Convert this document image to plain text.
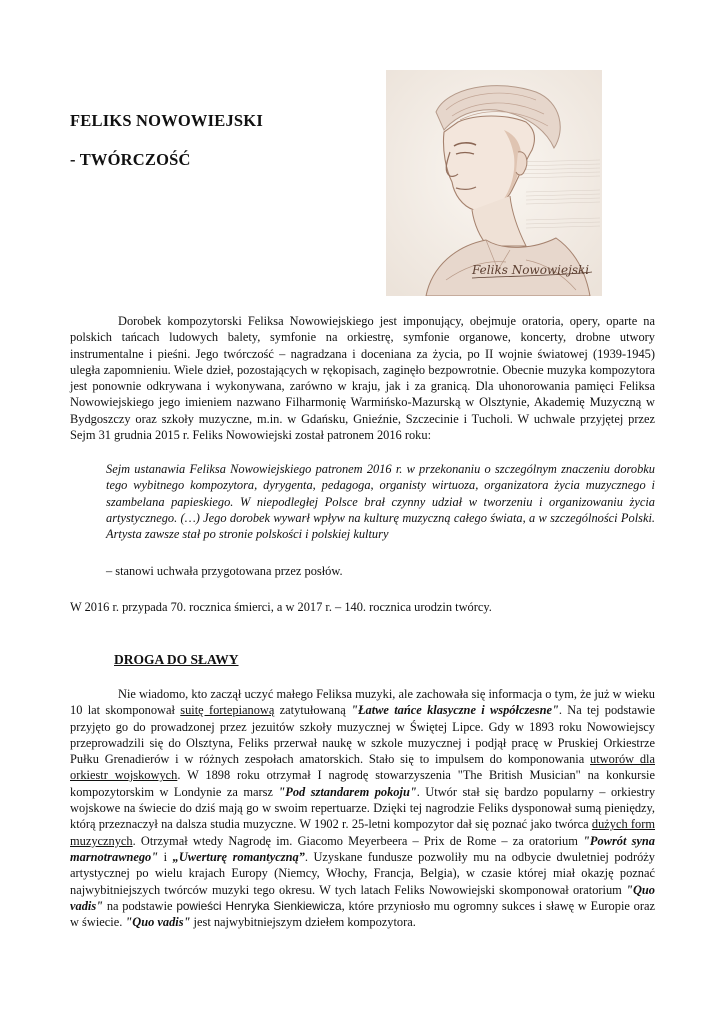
FELIKS NOWOWIEJSKI
- TWÓRCZOŚĆ
Feliks Nowowiejski

Dorobek kompozytorski Feliksa Nowowiejskiego jest imponujący, obejmuje oratoria, opery, oparte na polskich tańcach ludowych balety, symfonie na orkiestrę, symfonie organowe, koncerty, drobne utwory instrumentalne i pieśni. Jego twórczość – nagradzana i doceniana za życia, po II wojnie światowej (1939-1945) uległa zapomnieniu. Wiele dzieł, pozostających w rękopisach, zaginęło bezpowrotnie. Obecnie muzyka kompozytora jest ponownie odkrywana i wykonywana, zarówno w kraju, jak i za granicą. Dla uhonorowania pamięci Feliksa Nowowiejskiego jego imieniem nazwano Filharmonię Warmińsko-Mazurską w Olsztynie, Akademię Muzyczną w Bydgoszczy oraz szkoły muzyczne, m.in. w Gdańsku, Gnieźnie, Szczecinie i Tucholi. W uchwale przyjętej przez Sejm 31 grudnia 2015 r. Feliks Nowowiejski został patronem 2016 roku:

Sejm ustanawia Feliksa Nowowiejskiego patronem 2016 r. w przekonaniu o szczególnym znaczeniu dorobku tego wybitnego kompozytora, dyrygenta, pedagoga, organisty wirtuoza, organizatora życia muzycznego i szambelana papieskiego. W niepodległej Polsce brał czynny udział w tworzeniu i organizowaniu życia artystycznego. (…) Jego dorobek wywarł wpływ na kulturę muzyczną całego świata, a w szczególności Polski. Artysta zawsze stał po stronie polskości i polskiej kultury

– stanowi uchwała przygotowana przez posłów.

W 2016 r. przypada 70. rocznica śmierci, a w 2017 r. – 140. rocznica urodzin twórcy.

DROGA DO SŁAWY

Nie wiadomo, kto zaczął uczyć małego Feliksa muzyki, ale zachowała się informacja o tym, że już w wieku 10 lat skomponował suitę fortepianową zatytułowaną "Łatwe tańce klasyczne i współczesne". Na tej podstawie przyjęto go do prowadzonej przez jezuitów szkoły muzycznej w Świętej Lipce. Gdy w 1893 roku Nowowiejscy przeprowadzili się do Olsztyna, Feliks przerwał naukę w szkole muzycznej i podjął pracę w Pruskiej Orkiestrze Pułku Grenadierów i w różnych zespołach amatorskich. Stało się to impulsem do komponowania utworów dla orkiestr wojskowych. W 1898 roku otrzymał I nagrodę stowarzyszenia "The British Musician" na konkursie kompozytorskim w Londynie za marsz "Pod sztandarem pokoju". Utwór stał się bardzo popularny – orkiestry wojskowe na świecie do dziś mają go w swoim repertuarze. Dzięki tej nagrodzie Feliks dysponował sumą pieniędzy, którą przeznaczył na dalsza studia muzyczne. W 1902 r. 25-letni kompozytor dał się poznać jako twórca dużych form muzycznych. Otrzymał wtedy Nagrodę im. Giacomo Meyerbeera – Prix de Rome – za oratorium "Powrót syna marnotrawnego" i „Uwerturę romantyczną”. Uzyskane fundusze pozwoliły mu na odbycie dwuletniej podróży artystycznej po wielu krajach Europy (Niemcy, Włochy, Francja, Belgia), w czasie której miał okazję poznać najwybitniejszych twórców muzyki tego okresu. W tych latach Feliks Nowowiejski skomponował oratorium "Quo vadis" na podstawie powieści Henryka Sienkiewicza, które przyniosło mu ogromny sukces i sławę w Europie oraz w świecie. "Quo vadis" jest najwybitniejszym dziełem kompozytora.
